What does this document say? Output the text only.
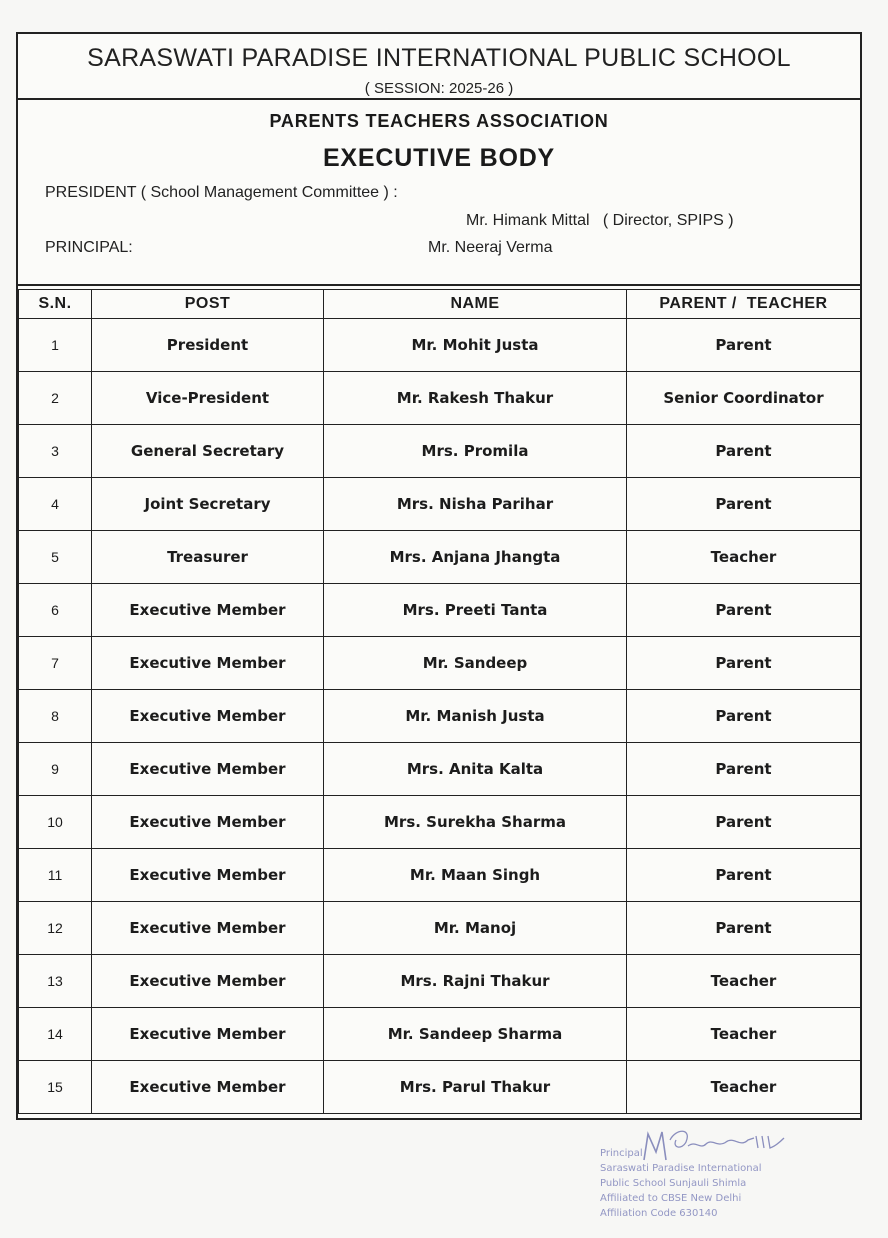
SARASWATI PARADISE INTERNATIONAL PUBLIC SCHOOL
( SESSION: 2025-26 )
PARENTS TEACHERS ASSOCIATION
EXECUTIVE BODY
PRESIDENT ( School Management Committee ) :
Mr. Himank Mittal   ( Director, SPIPS )
PRINCIPAL:	Mr. Neeraj Verma
S.N.	POST	NAME	PARENT /  TEACHER
1	President	Mr. Mohit Justa	Parent
2	Vice-President	Mr. Rakesh Thakur	Senior Coordinator
3	General Secretary	Mrs. Promila	Parent
4	Joint Secretary	Mrs. Nisha Parihar	Parent
5	Treasurer	Mrs. Anjana Jhangta	Teacher
6	Executive Member	Mrs. Preeti Tanta	Parent
7	Executive Member	Mr. Sandeep	Parent
8	Executive Member	Mr. Manish Justa	Parent
9	Executive Member	Mrs. Anita Kalta	Parent
10	Executive Member	Mrs. Surekha Sharma	Parent
11	Executive Member	Mr. Maan Singh	Parent
12	Executive Member	Mr. Manoj	Parent
13	Executive Member	Mrs. Rajni Thakur	Teacher
14	Executive Member	Mr. Sandeep Sharma	Teacher
15	Executive Member	Mrs. Parul Thakur	Teacher
Principal
Saraswati Paradise International
Public School Sunjauli Shimla
Affiliated to CBSE New Delhi
Affiliation Code 630140
